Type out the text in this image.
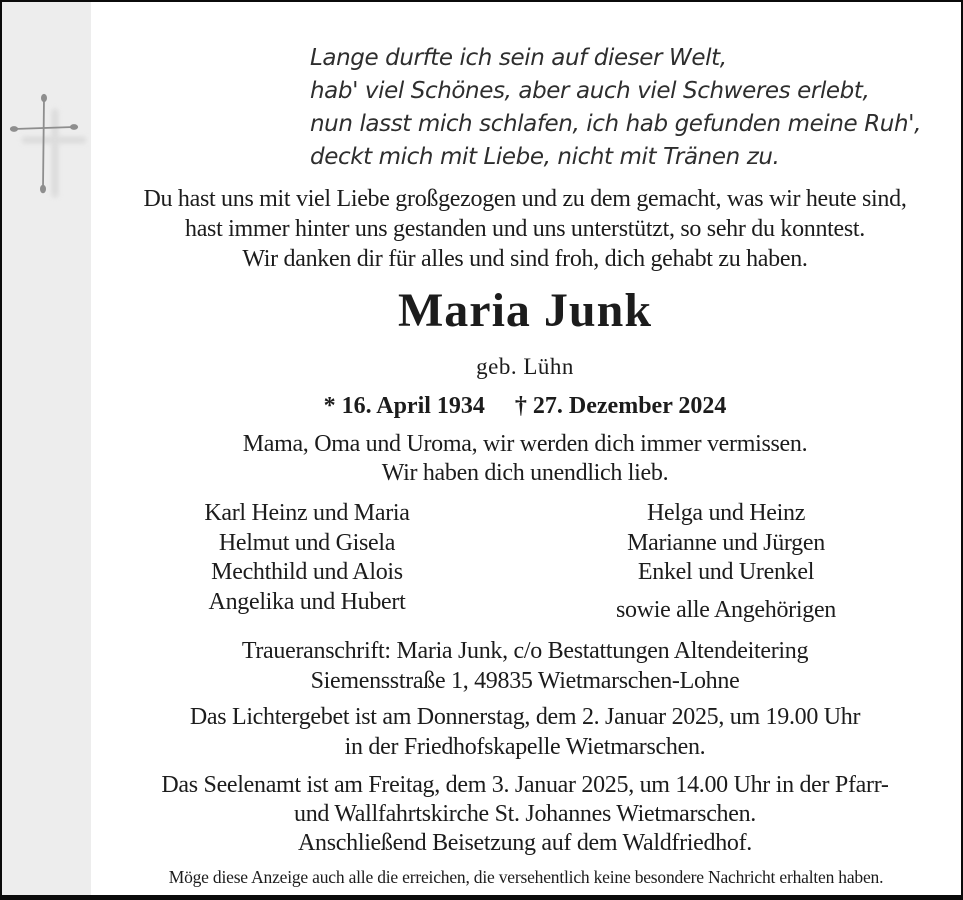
Lange durfte ich sein auf dieser Welt,
hab' viel Schönes, aber auch viel Schweres erlebt,
nun lasst mich schlafen, ich hab gefunden meine Ruh',
deckt mich mit Liebe, nicht mit Tränen zu.
Du hast uns mit viel Liebe großgezogen und zu dem gemacht, was wir heute sind,
hast immer hinter uns gestanden und uns unterstützt, so sehr du konntest.
Wir danken dir für alles und sind froh, dich gehabt zu haben.
Maria Junk
geb. Lühn
* 16. April 1934 † 27. Dezember 2024
Mama, Oma und Uroma, wir werden dich immer vermissen.
Wir haben dich unendlich lieb.
Karl Heinz und Maria
Helmut und Gisela
Mechthild und Alois
Angelika und Hubert
Helga und Heinz
Marianne und Jürgen
Enkel und Urenkel
sowie alle Angehörigen
Traueranschrift: Maria Junk, c/o Bestattungen Altendeitering
Siemensstraße 1, 49835 Wietmarschen-Lohne
Das Lichtergebet ist am Donnerstag, dem 2. Januar 2025, um 19.00 Uhr
in der Friedhofskapelle Wietmarschen.
Das Seelenamt ist am Freitag, dem 3. Januar 2025, um 14.00 Uhr in der Pfarr-
und Wallfahrtskirche St. Johannes Wietmarschen.
Anschließend Beisetzung auf dem Waldfriedhof.
Möge diese Anzeige auch alle die erreichen, die versehentlich keine besondere Nachricht erhalten haben.
